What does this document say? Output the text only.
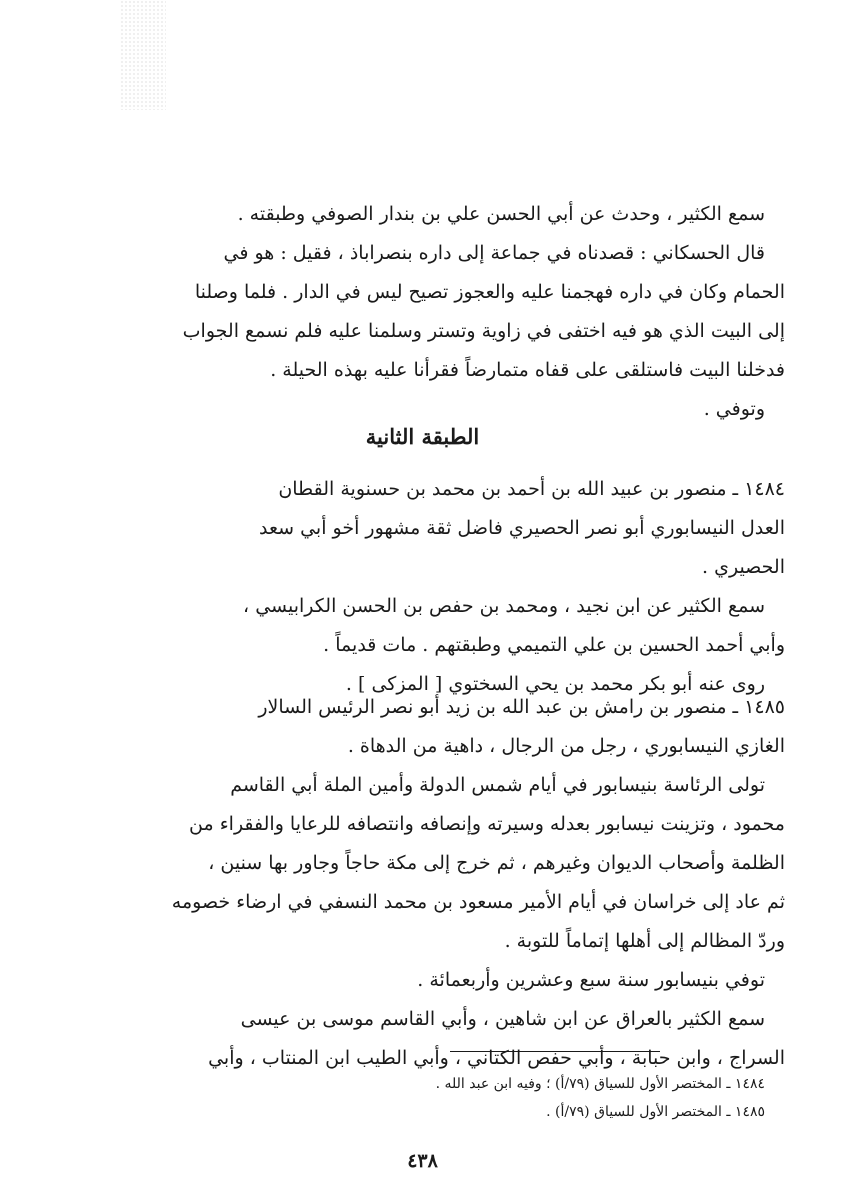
سمع الكثير ، وحدث عن أبي الحسن علي بن بندار الصوفي وطبقته .
قال الحسكاني : قصدناه في جماعة إلى داره بنصراباذ ، فقيل : هو في
الحمام وكان في داره فهجمنا عليه والعجوز تصيح ليس في الدار . فلما وصلنا
إلى البيت الذي هو فيه اختفى في زاوية وتستر وسلمنا عليه فلم نسمع الجواب
فدخلنا البيت فاستلقى على قفاه متمارضاً فقرأنا عليه بهذه الحيلة .
وتوفي .
الطبقة الثانية
١٤٨٤ ـ منصور بن عبيد الله بن أحمد بن محمد بن حسنوية القطان
العدل النيسابوري أبو نصر الحصيري فاضل ثقة مشهور أخو أبي سعد
الحصيري .
سمع الكثير عن ابن نجيد ، ومحمد بن حفص بن الحسن الكرابيسي ،
وأبي أحمد الحسين بن علي التميمي وطبقتهم . مات قديماً .
روى عنه أبو بكر محمد بن يحي السختوي [ المزكى ] .
١٤٨٥ ـ منصور بن رامش بن عبد الله بن زيد أبو نصر الرئيس السالار
الغازي النيسابوري ، رجل من الرجال ، داهية من الدهاة .
تولى الرئاسة بنيسابور في أيام شمس الدولة وأمين الملة أبي القاسم
محمود ، وتزينت نيسابور بعدله وسيرته وإنصافه وانتصافه للرعايا والفقراء من
الظلمة وأصحاب الديوان وغيرهم ، ثم خرج إلى مكة حاجاً وجاور بها سنين ،
ثم عاد إلى خراسان في أيام الأمير مسعود بن محمد النسفي في ارضاء خصومه
وردّ المظالم إلى أهلها إتماماً للتوبة .
توفي بنيسابور سنة سبع وعشرين وأربعمائة .
سمع الكثير بالعراق عن ابن شاهين ، وأبي القاسم موسى بن عيسى
السراج ، وابن حبابة ، وأبي حفص الكتاني ، وأبي الطيب ابن المنتاب ، وأبي
١٤٨٤ ـ المختصر الأول للسياق (٧٩/أ) ؛ وفيه ابن عبد الله .
١٤٨٥ ـ المختصر الأول للسياق (٧٩/أ) .
٤٣٨
